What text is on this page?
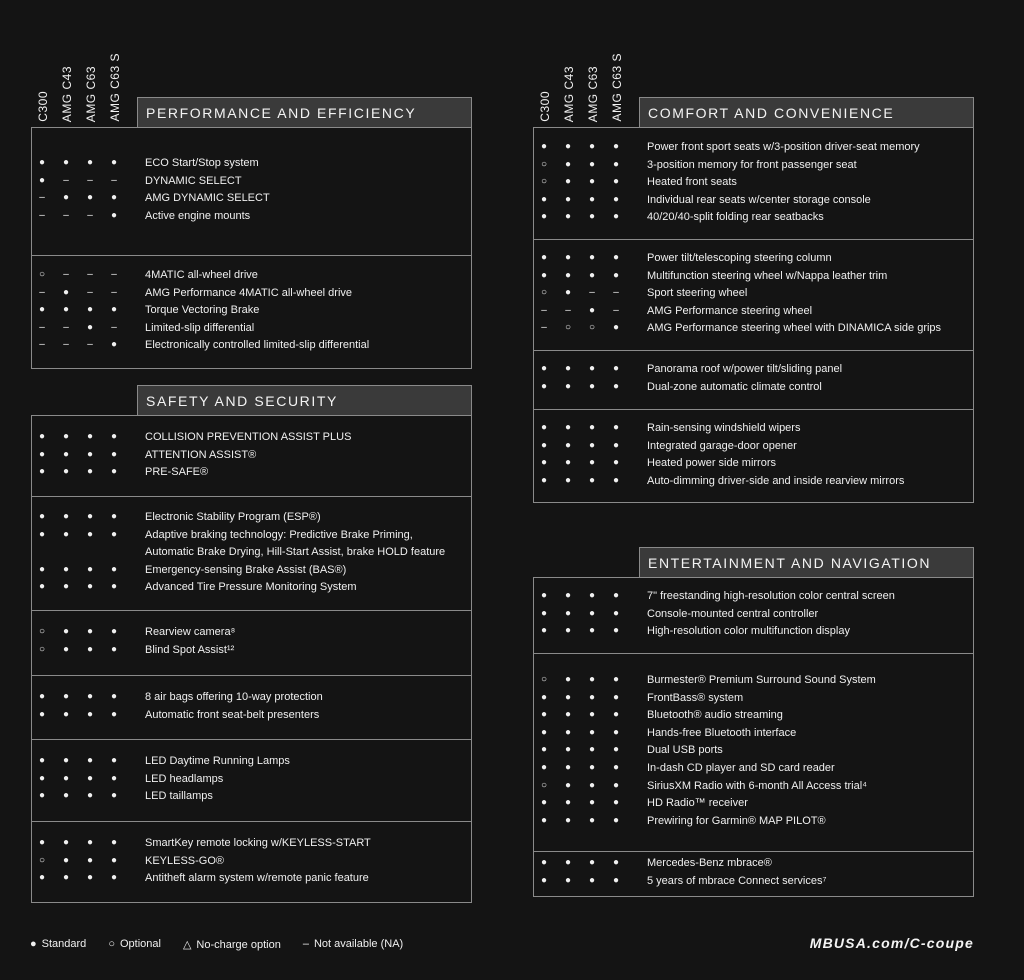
C300 AMG C43 AMG C63 AMG C63 S	C300 AMG C43 AMG C63 AMG C63 S
PERFORMANCE AND EFFICIENCY
● ● ● ●	ECO Start/Stop system
●	–	–	–	DYNAMIC SELECT
–	● ● ●	AMG DYNAMIC SELECT
–	–	–	●	Active engine mounts
○	–	–	–	4MATIC all-wheel drive
–	●	–	–	AMG Performance 4MATIC all-wheel drive
● ● ● ●	Torque Vectoring Brake
–	–	●	–	Limited-slip differential
–	–	–	●	Electronically controlled limited-slip differential
SAFETY AND SECURITY
● ● ● ●	COLLISION PREVENTION ASSIST PLUS
● ● ● ●	ATTENTION ASSIST®
● ● ● ●	PRE-SAFE®
● ● ● ●	Electronic Stability Program (ESP®)
● ● ● ●	Adaptive braking technology: Predictive Brake Priming,
Automatic Brake Drying, Hill-Start Assist, brake HOLD feature
● ● ● ●	Emergency-sensing Brake Assist (BAS®)
● ● ● ●	Advanced Tire Pressure Monitoring System
○ ● ● ●	Rearview camera⁸
○ ● ● ●	Blind Spot Assist¹²
● ● ● ●	8 air bags offering 10-way protection
● ● ● ●	Automatic front seat-belt presenters
● ● ● ●	LED Daytime Running Lamps
● ● ● ●	LED headlamps
● ● ● ●	LED taillamps
● ● ● ●	SmartKey remote locking w/KEYLESS-START
○ ● ● ●	KEYLESS-GO®
● ● ● ●	Antitheft alarm system w/remote panic feature
COMFORT AND CONVENIENCE
● ● ● ●	Power front sport seats w/3-position driver-seat memory
○ ● ● ●	3-position memory for front passenger seat
○ ● ● ●	Heated front seats
● ● ● ●	Individual rear seats w/center storage console
● ● ● ●	40/20/40-split folding rear seatbacks
● ● ● ●	Power tilt/telescoping steering column
● ● ● ●	Multifunction steering wheel w/Nappa leather trim
○ ●	–	–	Sport steering wheel
–	–	●	–	AMG Performance steering wheel
–	○ ○ ●	AMG Performance steering wheel with DINAMICA side grips
● ● ● ●	Panorama roof w/power tilt/sliding panel
● ● ● ●	Dual-zone automatic climate control
● ● ● ●	Rain-sensing windshield wipers
● ● ● ●	Integrated garage-door opener
● ● ● ●	Heated power side mirrors
● ● ● ●	Auto-dimming driver-side and inside rearview mirrors
ENTERTAINMENT AND NAVIGATION
● ● ● ●	7" freestanding high-resolution color central screen
● ● ● ●	Console-mounted central controller
● ● ● ●	High-resolution color multifunction display
○ ● ● ●	Burmester® Premium Surround Sound System
● ● ● ●	FrontBass® system
● ● ● ●	Bluetooth® audio streaming
● ● ● ●	Hands-free Bluetooth interface
● ● ● ●	Dual USB ports
● ● ● ●	In-dash CD player and SD card reader
○ ● ● ●	SiriusXM Radio with 6-month All Access trial⁴
● ● ● ●	HD Radio™ receiver
● ● ● ●	Prewiring for Garmin® MAP PILOT®
● ● ● ●	Mercedes-Benz mbrace®
● ● ● ●	5 years of mbrace Connect services⁷
● Standard ○ Optional △ No-charge option – Not available (NA)	MBUSA.com/C-coupe
